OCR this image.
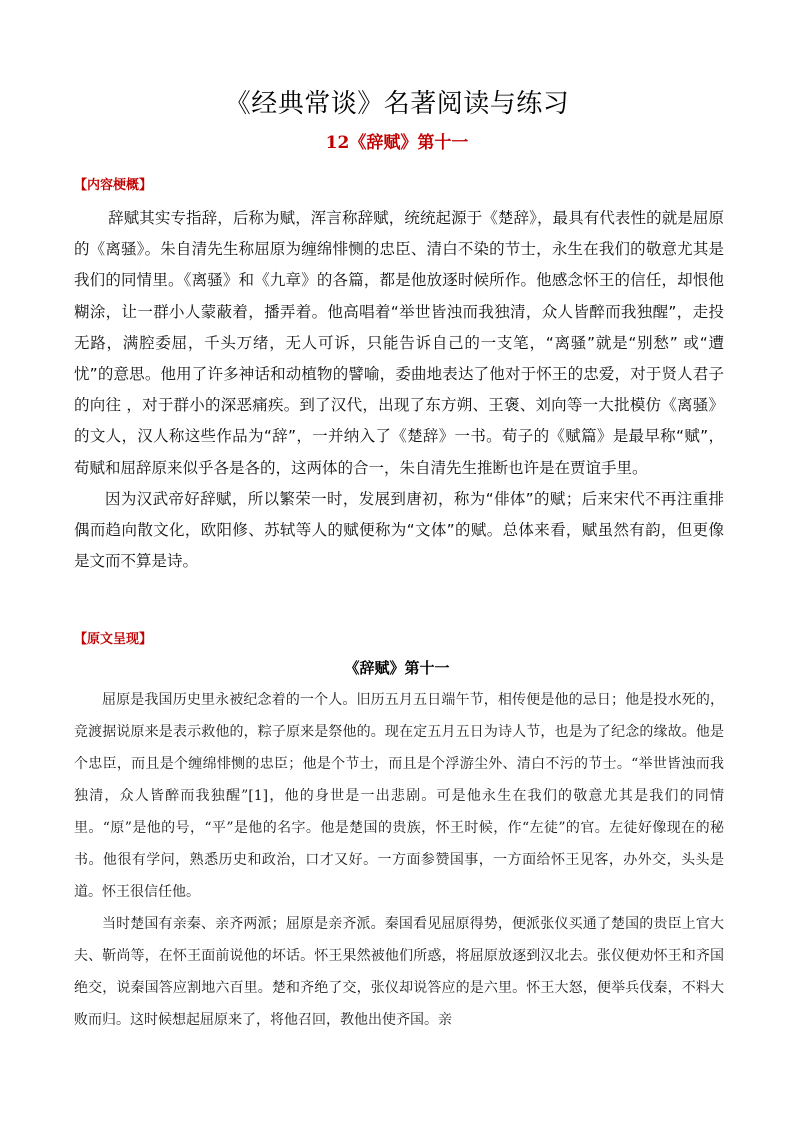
《经典常谈》名著阅读与练习
12《辞赋》第十一
【内容梗概】

辞赋其实专指辞，后称为赋，浑言称辞赋，统统起源于《楚辞》，最具有代表性的就是屈原的《离骚》。朱自清先生称屈原为缠绵悱恻的忠臣、清白不染的节士，永生在我们的敬意尤其是我们的同情里。《离骚》和《九章》的各篇，都是他放逐时候所作。他感念怀王的信任，却恨他糊涂，让一群小人蒙蔽着，播弄着。他高唱着“举世皆浊而我独清，众人皆醉而我独醒”，走投无路，满腔委屈，千头万绪，无人可诉，只能告诉自己的一支笔，“离骚”就是“别愁” 或“遭忧”的意思。他用了许多神话和动植物的譬喻，委曲地表达了他对于怀王的忠爱，对于贤人君子的向往 ，对于群小的深恶痛疾。到了汉代，出现了东方朔、王褒、刘向等一大批模仿《离骚》的文人，汉人称这些作品为“辞”，一并纳入了《楚辞》一书。荀子的《赋篇》是最早称“赋”，荀赋和屈辞原来似乎各是各的，这两体的合一，朱自清先生推断也许是在贾谊手里。

因为汉武帝好辞赋，所以繁荣一时，发展到唐初，称为“俳体”的赋；后来宋代不再注重排偶而趋向散文化，欧阳修、苏轼等人的赋便称为“文体”的赋。总体来看，赋虽然有韵，但更像是文而不算是诗。

【原文呈现】
《辞赋》第十一

屈原是我国历史里永被纪念着的一个人。旧历五月五日端午节，相传便是他的忌日；他是投水死的，竞渡据说原来是表示救他的，粽子原来是祭他的。现在定五月五日为诗人节，也是为了纪念的缘故。他是个忠臣，而且是个缠绵悱恻的忠臣；他是个节士，而且是个浮游尘外、清白不污的节士。“举世皆浊而我独清，众人皆醉而我独醒”[1]，他的身世是一出悲剧。可是他永生在我们的敬意尤其是我们的同情里。“原”是他的号，“平”是他的名字。他是楚国的贵族，怀王时候，作“左徒”的官。左徒好像现在的秘书。他很有学问，熟悉历史和政治，口才又好。一方面参赞国事，一方面给怀王见客，办外交，头头是道。怀王很信任他。

当时楚国有亲秦、亲齐两派；屈原是亲齐派。秦国看见屈原得势，便派张仪买通了楚国的贵臣上官大夫、靳尚等，在怀王面前说他的坏话。怀王果然被他们所惑，将屈原放逐到汉北去。张仪便劝怀王和齐国绝交，说秦国答应割地六百里。楚和齐绝了交，张仪却说答应的是六里。怀王大怒，便举兵伐秦，不料大败而归。这时候想起屈原来了，将他召回，教他出使齐国。亲
